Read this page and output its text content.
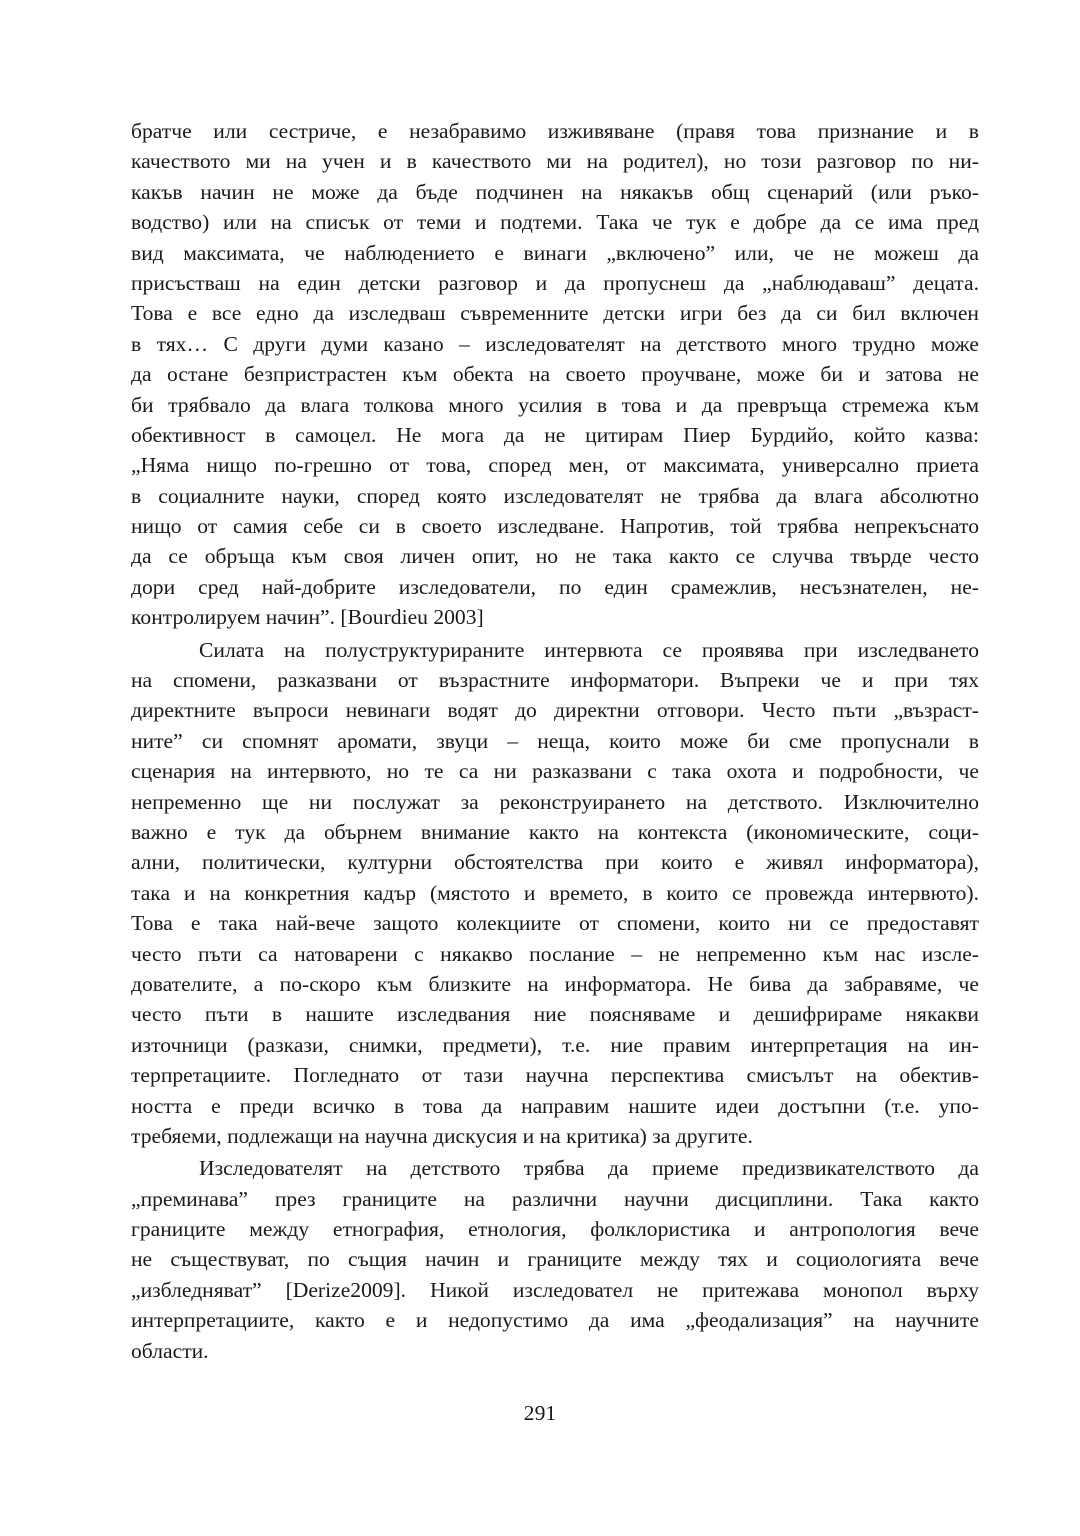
братче или сестриче, е незабравимо изживяване (правя това признание и в
качеството ми на учен и в качеството ми на родител), но този разговор по ни-
какъв начин не може да бъде подчинен на някакъв общ сценарий (или ръко-
водство) или на списък от теми и подтеми. Така че тук е добре да се има пред
вид максимата, че наблюдението е винаги „включено” или, че не можеш да
присъстваш на един детски разговор и да пропуснеш да „наблюдаваш” децата.
Това е все едно да изследваш съвременните детски игри без да си бил включен
в тях… С други думи казано – изследователят на детството много трудно може
да остане безпристрастен към обекта на своето проучване, може би и затова не
би трябвало да влага толкова много усилия в това и да превръща стремежа към
обективност в самоцел. Не мога да не цитирам Пиер Бурдийо, който казва:
„Няма нищо по-грешно от това, според мен, от максимата, универсално приета
в социалните науки, според която изследователят не трябва да влага абсолютно
нищо от самия себе си в своето изследване. Напротив, той трябва непрекъснато
да се обръща към своя личен опит, но не така както се случва твърде често
дори сред най-добрите изследователи, по един срамежлив, несъзнателен, не-
контролируем начин”. [Bourdieu 2003]
Силата на полуструктурираните интервюта се проявява при изследването
на спомени, разказвани от възрастните информатори. Въпреки че и при тях
директните въпроси невинаги водят до директни отговори. Често пъти „възраст-
ните” си спомнят аромати, звуци – неща, които може би сме пропуснали в
сценария на интервюто, но те са ни разказвани с така охота и подробности, че
непременно ще ни послужат за реконструирането на детството. Изключително
важно е тук да обърнем внимание както на контекста (икономическите, соци-
ални, политически, културни обстоятелства при които е живял информатора),
така и на конкретния кадър (мястото и времето, в които се провежда интервюто).
Това е така най-вече защото колекциите от спомени, които ни се предоставят
често пъти са натоварени с някакво послание – не непременно към нас изсле-
дователите, а по-скоро към близките на информатора. Не бива да забравяме, че
често пъти в нашите изследвания ние поясняваме и дешифрираме някакви
източници (разкази, снимки, предмети), т.е. ние правим интерпретация на ин-
терпретациите. Погледнато от тази научна перспектива смисълът на обектив-
ността е преди всичко в това да направим нашите идеи достъпни (т.е. упо-
требяеми, подлежащи на научна дискусия и на критика) за другите.
Изследователят на детството трябва да приеме предизвикателството да
„преминава” през границите на различни научни дисциплини. Така както
границите между етнография, етнология, фолклористика и антропология вече
не съществуват, по същия начин и границите между тях и социологията вече
„избледняват” [Derize2009]. Никой изследовател не притежава монопол върху
интерпретациите, както е и недопустимо да има „феодализация” на научните
области.
291
